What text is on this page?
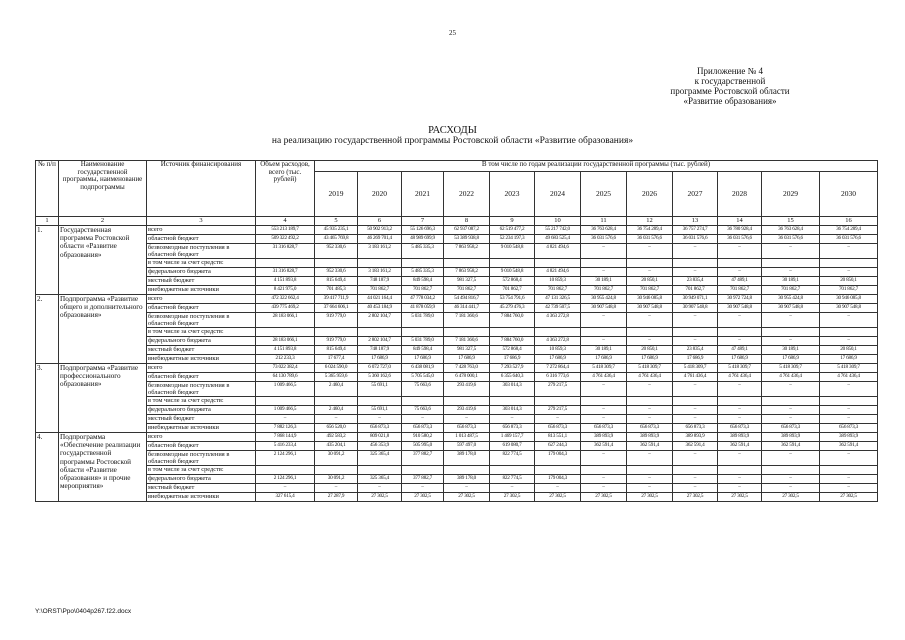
25
Приложение № 4
к государственной
программе Ростовской области
«Развитие образования»
РАСХОДЫ
на реализацию государственной программы Ростовской области «Развитие образования»
№ п/п	Наименование государственной программы, наименование подпрограммы	Источник финансирования	Объем расходов, всего (тыс. рублей)	В том числе по годам реализации государственной программы (тыс. рублей)											
				2019	2020	2021	2022	2023	2024	2025	2026	2027	2028	2029	2030
1	2	3	4	5	6	7	8	9	10	11	12	13	14	15	16
1.	Государственная программа Ростовской области «Развитие образования»	всего	553 213 189,7	45 935 235,1	50 902 913,2	55 126 696,3	62 937 087,2	62 519 477,2	55 217 742,0	36 763 628,4	36 754 289,4	36 757 274,7	36 780 928,4	36 763 628,4	36 754 289,4
		областной бюджет	509 322 492,2	43 465 769,8	46 269 701,4	48 989 699,9	53 389 938,8	52 234 197,3	49 683 525,4	36 031 576,6	36 031 576,6	36 031 576,6	36 031 576,6	36 031 576,6	36 031 576,6
		безвозмездные поступления в областной бюджет	31 316 828,7	952 330,6	3 183 161,2	5 485 335,3	7 863 958,2	9 010 548,8	4 821 494,6	–	–	–	–	–	–
		в том числе за счет средств:													
		федерального бюджета	31 316 828,7	952 330,6	3 183 161,2	5 485 335,3	7 863 958,2	9 010 548,8	4 821 494,6	–	–	–	–	–	–
		местный бюджет	4 151 893,8	815 649,4	748 187,9	849 598,4	981 327,5	572 868,4	10 859,3	30 189,1	20 850,1	23 835,4	47 489,1	30 189,1	20 850,1
		внебюджетные источники	8 421 975,0	701 485,3	701 862,7	701 862,7	701 862,7	701 862,7	701 862,7	701 862,7	701 862,7	701 862,7	701 862,7	701 862,7	701 862,7
2.	Подпрограмма «Развитие общего и дополнительного образования»	всего	472 322 662,4	39 417 711,9	44 021 164,4	47 778 034,2	54 494 816,7	53 754 791,6	47 131 326,5	30 955 424,8	30 946 085,8	30 949 071,1	30 972 724,8	30 955 424,8	30 946 085,8
		областной бюджет	439 775 469,2	37 664 606,1	40 453 184,9	41 878 059,9	46 314 441,7	45 279 476,3	42 739 507,5	30 907 548,8	30 907 548,8	30 907 548,8	30 907 548,8	30 907 548,8	30 907 548,8
		безвозмездные поступления в областной бюджет	28 183 066,1	919 779,0	2 802 104,7	5 031 789,0	7 181 360,6	7 884 760,0	4 363 272,8	–	–	–	–	–	–
		в том числе за счет средств:													
		федерального бюджета	28 183 066,1	919 779,0	2 802 104,7	5 031 789,0	7 181 360,6	7 884 760,0	4 363 272,8	–	–	–	–	–	–
		местный бюджет	4 151 893,8	815 649,4	748 187,9	849 598,4	981 327,5	572 868,4	10 859,3	30 189,1	20 850,1	23 835,4	47 489,1	30 189,1	20 850,1
		внебюджетные источники	212 233,3	17 677,4	17 686,9	17 686,9	17 686,9	17 686,9	17 686,9	17 686,9	17 686,9	17 686,9	17 686,9	17 686,9	17 686,9
3.	Подпрограмма «Развитие профессионального образования»	всего	73 022 382,4	6 024 590,0	6 072 727,0	6 438 081,9	7 428 763,0	7 293 527,9	7 272 864,4	5 418 309,7	5 418 309,7	5 418 309,7	5 418 309,7	5 418 309,7	5 418 309,7
		областной бюджет	64 130 789,6	5 365 959,6	5 360 162,6	5 705 545,0	6 478 000,1	6 355 640,3	6 316 773,6	4 761 436,4	4 761 436,4	4 761 436,4	4 761 436,4	4 761 436,4	4 761 436,4
		безвозмездные поступления в областной бюджет	1 009 466,5	2 460,4	55 691,1	75 663,6	293 419,6	303 014,3	279 217,5	–	–	–	–	–	–
		в том числе за счет средств:													
		федерального бюджета	1 009 466,5	2 460,4	55 691,1	75 663,6	293 419,6	303 014,3	279 217,5	–	–	–	–	–	–
		местный бюджет	–	–	–	–	–	–	–	–	–	–	–	–	–
		внебюджетные источники	7 882 126,3	656 520,0	656 873,3	656 873,3	656 873,3	656 873,3	656 873,3	656 873,3	656 873,3	656 873,3	656 873,3	656 873,3	656 873,3
4.	Подпрограмма «Обеспечение реализации государственной программы Ростовской области «Развитие образования» и прочие мероприятия»	всего	7 868 144,9	492 583,2	809 021,8	910 580,2	1 013 487,5	1 469 157,7	813 551,1	389 893,9	389 893,9	389 893,9	389 893,9	389 893,9	389 893,9
		областной бюджет	5 416 233,4	435 204,1	456 353,9	505 995,0	597 497,0	619 080,7	627 244,3	362 591,4	362 591,4	362 591,4	362 591,4	362 591,4	362 591,4
		безвозмездные поступления в областной бюджет	2 124 296,1	30 091,2	325 365,4	377 882,7	389 178,0	822 774,5	179 004,3	–	–	–	–	–	–
		в том числе за счет средств:													
		федерального бюджета	2 124 296,1	30 091,2	325 365,4	377 882,7	389 178,0	822 774,5	179 004,3	–	–	–	–	–	–
		местный бюджет	–	–	–	–	–	–	–	–	–	–	–	–	–
		внебюджетные источники	327 615,4	27 287,9	27 302,5	27 302,5	27 302,5	27 302,5	27 302,5	27 302,5	27 302,5	27 302,5	27 302,5	27 302,5	27 302,5
Y:\ORST\Ppo\0404p267.f22.docx
